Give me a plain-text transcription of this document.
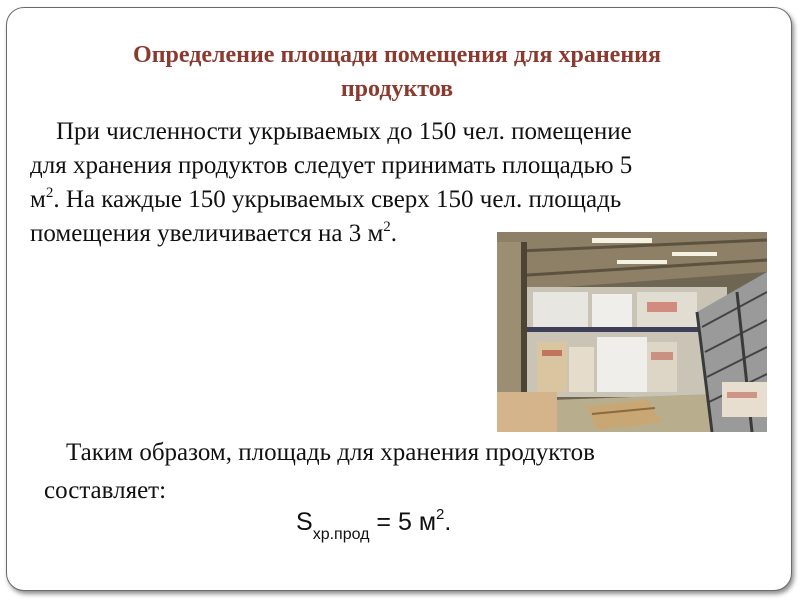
Определение площади помещения для хранения
продуктов
При численности укрываемых до 150 чел. помещение
для хранения продуктов следует принимать площадью 5
$м^2$. На каждые 150 укрываемых сверх 150 чел. площадь
помещения увеличивается на 3 $м^2$.
Таким образом, площадь для хранения продуктов
составляет:
$S_{хр.прод} = 5$ $м^2$.
